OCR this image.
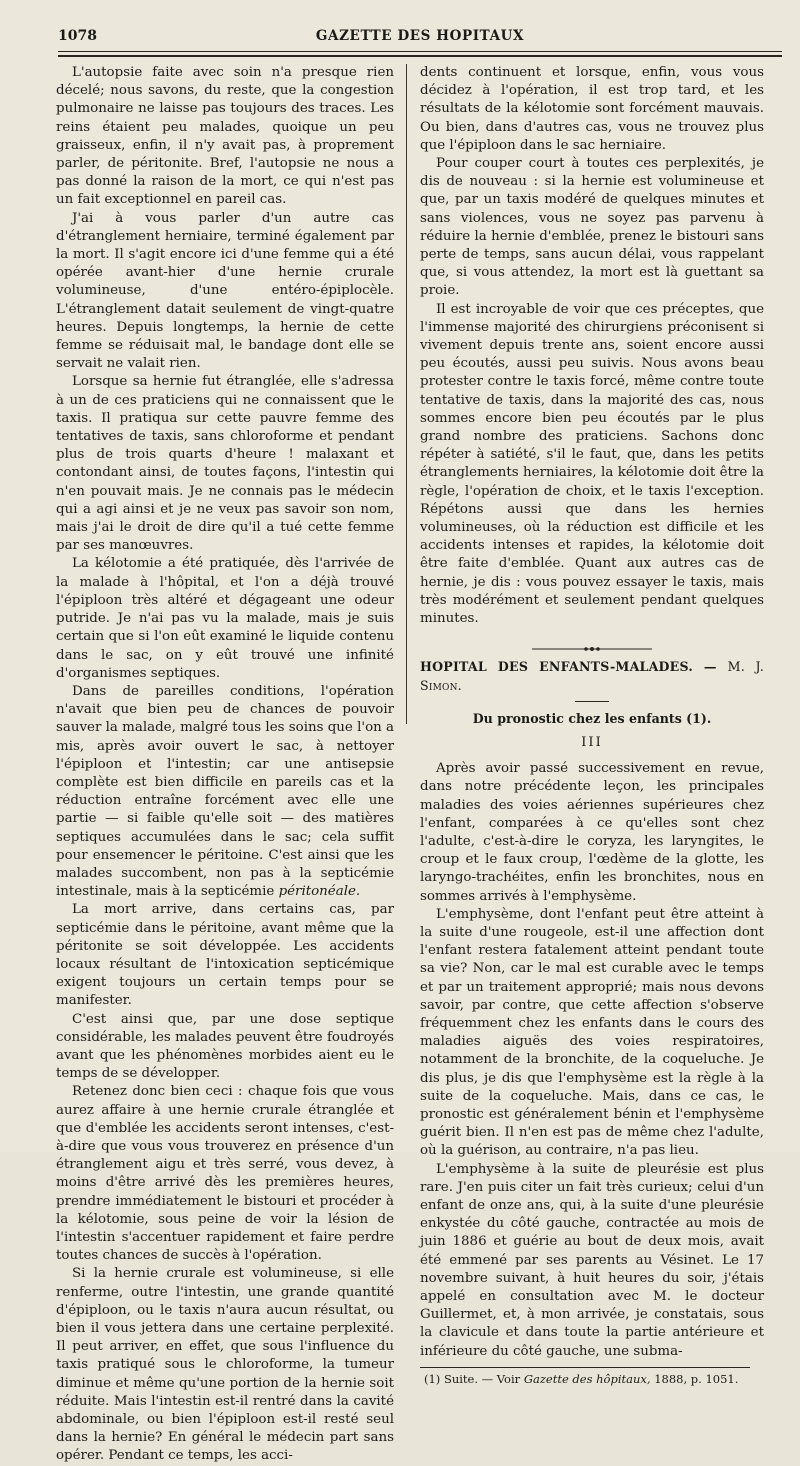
1078	GAZETTE DES HOPITAUX

L'autopsie faite avec soin n'a presque rien décelé; nous savons, du reste, que la congestion pulmonaire ne laisse pas toujours des traces. Les reins étaient peu malades, quoique un peu graisseux, enfin, il n'y avait pas, à proprement parler, de péritonite. Bref, l'autopsie ne nous a pas donné la raison de la mort, ce qui n'est pas un fait exceptionnel en pareil cas.

J'ai à vous parler d'un autre cas d'étranglement herniaire, terminé également par la mort. Il s'agit encore ici d'une femme qui a été opérée avant-hier d'une hernie crurale volumineuse, d'une entéro-épiplocèle. L'étranglement datait seulement de vingt-quatre heures. Depuis longtemps, la hernie de cette femme se réduisait mal, le bandage dont elle se servait ne valait rien.

Lorsque sa hernie fut étranglée, elle s'adressa à un de ces praticiens qui ne connaissent que le taxis. Il pratiqua sur cette pauvre femme des tentatives de taxis, sans chloroforme et pendant plus de trois quarts d'heure ! malaxant et contondant ainsi, de toutes façons, l'intestin qui n'en pouvait mais. Je ne connais pas le médecin qui a agi ainsi et je ne veux pas savoir son nom, mais j'ai le droit de dire qu'il a tué cette femme par ses manœuvres.

La kélotomie a été pratiquée, dès l'arrivée de la malade à l'hôpital, et l'on a déjà trouvé l'épiploon très altéré et dégageant une odeur putride. Je n'ai pas vu la malade, mais je suis certain que si l'on eût examiné le liquide contenu dans le sac, on y eût trouvé une infinité d'organismes septiques.

Dans de pareilles conditions, l'opération n'avait que bien peu de chances de pouvoir sauver la malade, malgré tous les soins que l'on a mis, après avoir ouvert le sac, à nettoyer l'épiploon et l'intestin; car une antisepsie complète est bien difficile en pareils cas et la réduction entraîne forcément avec elle une partie — si faible qu'elle soit — des matières septiques accumulées dans le sac; cela suffit pour ensemencer le péritoine. C'est ainsi que les malades succombent, non pas à la septicémie intestinale, mais à la septicémie péritonéale.

La mort arrive, dans certains cas, par septicémie dans le péritoine, avant même que la péritonite se soit développée. Les accidents locaux résultant de l'intoxication septicémique exigent toujours un certain temps pour se manifester.

C'est ainsi que, par une dose septique considérable, les malades peuvent être foudroyés avant que les phénomènes morbides aient eu le temps de se développer.

Retenez donc bien ceci : chaque fois que vous aurez affaire à une hernie crurale étranglée et que d'emblée les accidents seront intenses, c'est-à-dire que vous vous trouverez en présence d'un étranglement aigu et très serré, vous devez, à moins d'être arrivé dès les premières heures, prendre immédiatement le bistouri et procéder à la kélotomie, sous peine de voir la lésion de l'intestin s'accentuer rapidement et faire perdre toutes chances de succès à l'opération.

Si la hernie crurale est volumineuse, si elle renferme, outre l'intestin, une grande quantité d'épiploon, ou le taxis n'aura aucun résultat, ou bien il vous jettera dans une certaine perplexité. Il peut arriver, en effet, que sous l'influence du taxis pratiqué sous le chloroforme, la tumeur diminue et même qu'une portion de la hernie soit réduite. Mais l'intestin est-il rentré dans la cavité abdominale, ou bien l'épiploon est-il resté seul dans la hernie? En général le médecin part sans opérer. Pendant ce temps, les acci-

dents continuent et lorsque, enfin, vous vous décidez à l'opération, il est trop tard, et les résultats de la kélotomie sont forcément mauvais. Ou bien, dans d'autres cas, vous ne trouvez plus que l'épiploon dans le sac herniaire.

Pour couper court à toutes ces perplexités, je dis de nouveau : si la hernie est volumineuse et que, par un taxis modéré de quelques minutes et sans violences, vous ne soyez pas parvenu à réduire la hernie d'emblée, prenez le bistouri sans perte de temps, sans aucun délai, vous rappelant que, si vous attendez, la mort est là guettant sa proie.

Il est incroyable de voir que ces préceptes, que l'immense majorité des chirurgiens préconisent si vivement depuis trente ans, soient encore aussi peu écoutés, aussi peu suivis. Nous avons beau protester contre le taxis forcé, même contre toute tentative de taxis, dans la majorité des cas, nous sommes encore bien peu écoutés par le plus grand nombre des praticiens. Sachons donc répéter à satiété, s'il le faut, que, dans les petits étranglements herniaires, la kélotomie doit être la règle, l'opération de choix, et le taxis l'exception. Répétons aussi que dans les hernies volumineuses, où la réduction est difficile et les accidents intenses et rapides, la kélotomie doit être faite d'emblée. Quant aux autres cas de hernie, je dis : vous pouvez essayer le taxis, mais très modérément et seulement pendant quelques minutes.

HOPITAL DES ENFANTS-MALADES. — M. J. Simon.

Du pronostic chez les enfants (1).

III

Après avoir passé successivement en revue, dans notre précédente leçon, les principales maladies des voies aériennes supérieures chez l'enfant, comparées à ce qu'elles sont chez l'adulte, c'est-à-dire le coryza, les laryngites, le croup et le faux croup, l'œdème de la glotte, les laryngo-trachéites, enfin les bronchites, nous en sommes arrivés à l'emphysème.

L'emphysème, dont l'enfant peut être atteint à la suite d'une rougeole, est-il une affection dont l'enfant restera fatalement atteint pendant toute sa vie? Non, car le mal est curable avec le temps et par un traitement approprié; mais nous devons savoir, par contre, que cette affection s'observe fréquemment chez les enfants dans le cours des maladies aiguës des voies respiratoires, notamment de la bronchite, de la coqueluche. Je dis plus, je dis que l'emphysème est la règle à la suite de la coqueluche. Mais, dans ce cas, le pronostic est généralement bénin et l'emphysème guérit bien. Il n'en est pas de même chez l'adulte, où la guérison, au contraire, n'a pas lieu.

L'emphysème à la suite de pleurésie est plus rare. J'en puis citer un fait très curieux; celui d'un enfant de onze ans, qui, à la suite d'une pleurésie enkystée du côté gauche, contractée au mois de juin 1886 et guérie au bout de deux mois, avait été emmené par ses parents au Vésinet. Le 17 novembre suivant, à huit heures du soir, j'étais appelé en consultation avec M. le docteur Guillermet, et, à mon arrivée, je constatais, sous la clavicule et dans toute la partie antérieure et inférieure du côté gauche, une subma-

(1) Suite. — Voir Gazette des hôpitaux, 1888, p. 1051.
